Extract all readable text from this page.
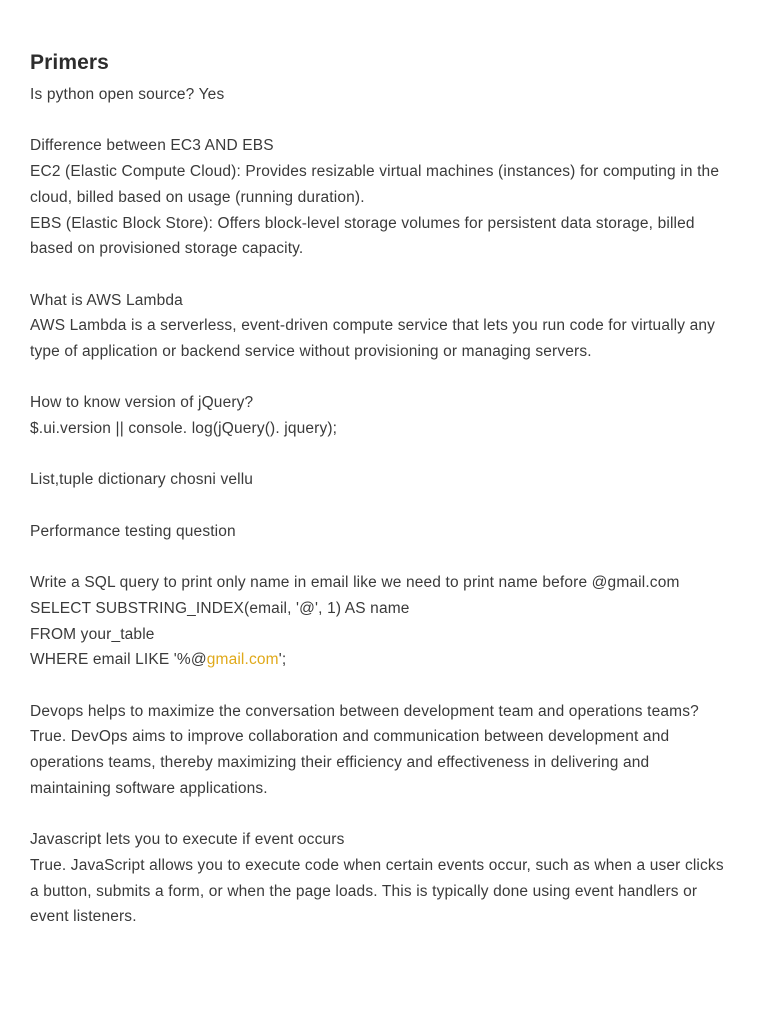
Primers
Is python open source? Yes
Difference between EC3 AND EBS
EC2 (Elastic Compute Cloud): Provides resizable virtual machines (instances) for computing in the cloud, billed based on usage (running duration).
EBS (Elastic Block Store): Offers block-level storage volumes for persistent data storage, billed based on provisioned storage capacity.
What is AWS Lambda
AWS Lambda is a serverless, event-driven compute service that lets you run code for virtually any type of application or backend service without provisioning or managing servers.
How to know version of jQuery?
$.ui.version || console. log(jQuery(). jquery);
List,tuple dictionary chosni vellu
Performance testing question
Write a SQL query to print only name in email like we need to print name before @gmail.com
SELECT SUBSTRING_INDEX(email, '@', 1) AS name
FROM your_table
WHERE email LIKE '%@gmail.com';
Devops helps to maximize the conversation between development team and operations teams?
True. DevOps aims to improve collaboration and communication between development and operations teams, thereby maximizing their efficiency and effectiveness in delivering and maintaining software applications.
Javascript lets you to execute if event occurs
True. JavaScript allows you to execute code when certain events occur, such as when a user clicks a button, submits a form, or when the page loads. This is typically done using event handlers or event listeners.
